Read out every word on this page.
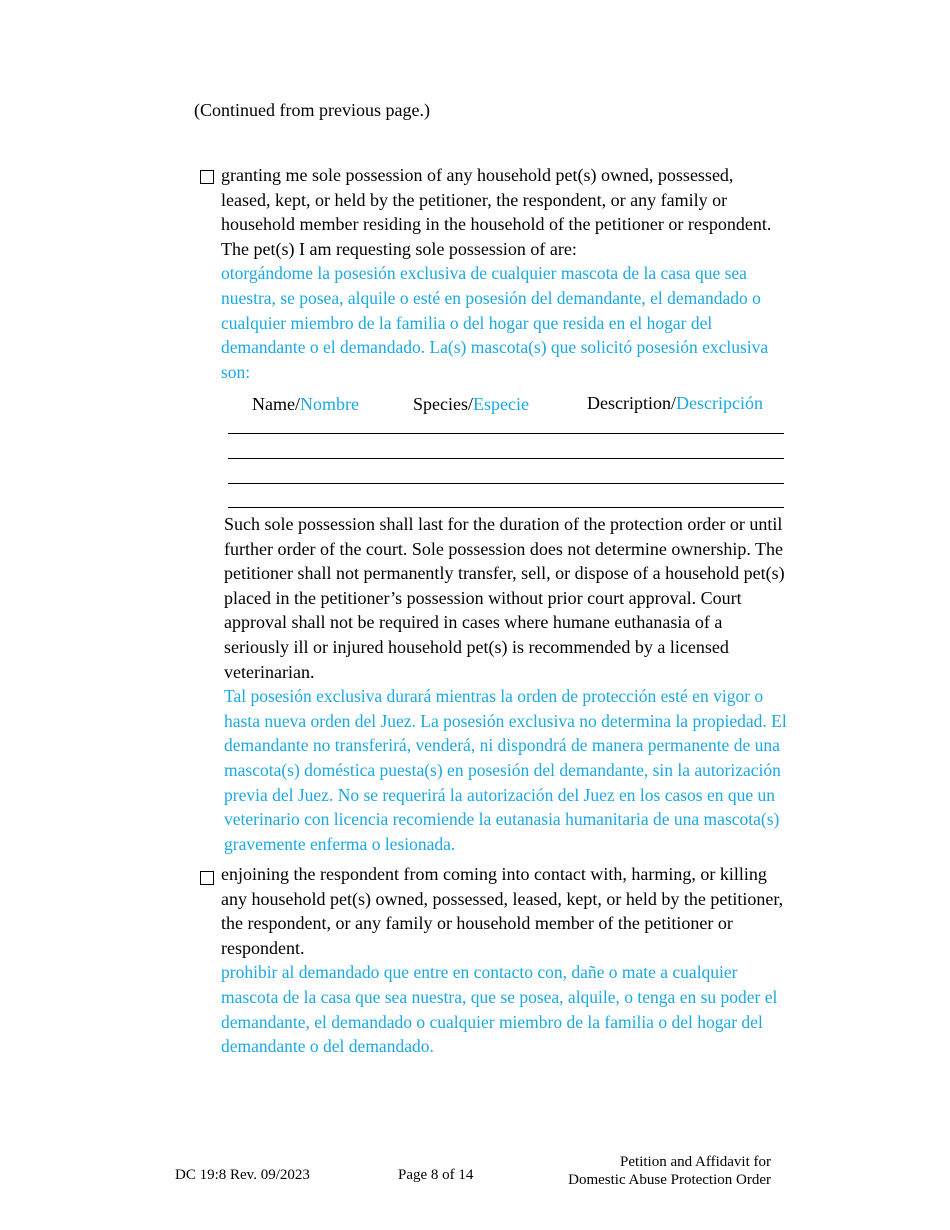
(Continued from previous page.)
granting me sole possession of any household pet(s) owned, possessed, leased, kept, or held by the petitioner, the respondent, or any family or household member residing in the household of the petitioner or respondent. The pet(s) I am requesting sole possession of are:
otorgándome la posesión exclusiva de cualquier mascota de la casa que sea nuestra, se posea, alquile o esté en posesión del demandante, el demandado o cualquier miembro de la familia o del hogar que resida en el hogar del demandante o el demandado. La(s) mascota(s) que solicitó posesión exclusiva son:
Name/Nombre	Species/Especie	Description/Descripción
Such sole possession shall last for the duration of the protection order or until further order of the court. Sole possession does not determine ownership. The petitioner shall not permanently transfer, sell, or dispose of a household pet(s) placed in the petitioner’s possession without prior court approval. Court approval shall not be required in cases where humane euthanasia of a seriously ill or injured household pet(s) is recommended by a licensed veterinarian.
Tal posesión exclusiva durará mientras la orden de protección esté en vigor o hasta nueva orden del Juez. La posesión exclusiva no determina la propiedad. El demandante no transferirá, venderá, ni dispondrá de manera permanente de una mascota(s) doméstica puesta(s) en posesión del demandante, sin la autorización previa del Juez. No se requerirá la autorización del Juez en los casos en que un veterinario con licencia recomiende la eutanasia humanitaria de una mascota(s) gravemente enferma o lesionada.
enjoining the respondent from coming into contact with, harming, or killing any household pet(s) owned, possessed, leased, kept, or held by the petitioner, the respondent, or any family or household member of the petitioner or respondent.
prohibir al demandado que entre en contacto con, dañe o mate a cualquier mascota de la casa que sea nuestra, que se posea, alquile, o tenga en su poder el demandante, el demandado o cualquier miembro de la familia o del hogar del demandante o del demandado.
DC 19:8 Rev. 09/2023	Page 8 of 14
Petition and Affidavit for
Domestic Abuse Protection Order
